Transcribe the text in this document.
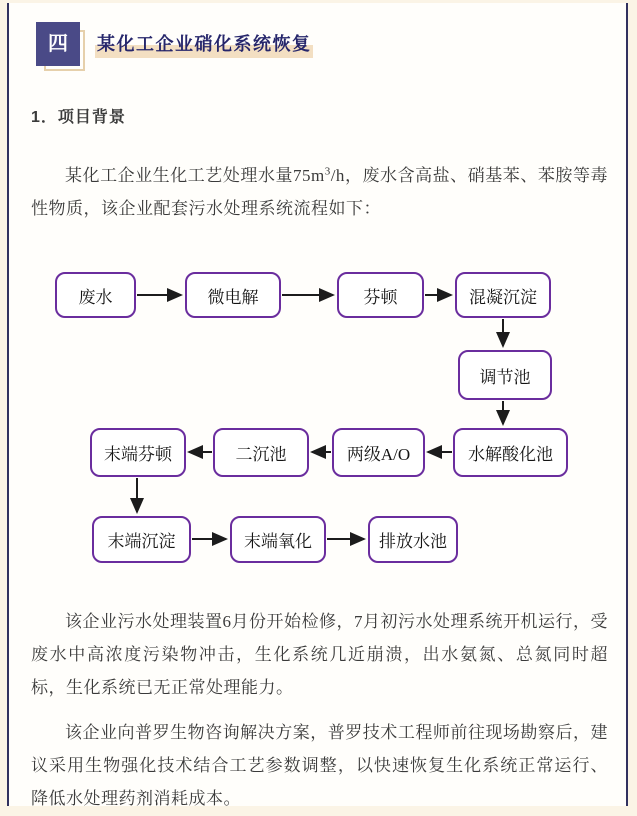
四	某化工企业硝化系统恢复
1．项目背景
某化工企业生化工艺处理水量$75m^3/h$，废水含高盐、硝基苯、苯胺等毒性物质，该企业配套污水处理系统流程如下：
废水	微电解	芬顿	混凝沉淀
调节池
水解酸化池
两级A/O
二沉池
末端芬顿
末端沉淀	末端氧化	排放水池
该企业污水处理装置6月份开始检修，7月初污水处理系统开机运行，受废水中高浓度污染物冲击，生化系统几近崩溃，出水氨氮、总氮同时超标，生化系统已无正常处理能力。
该企业向普罗生物咨询解决方案，普罗技术工程师前往现场勘察后，建议采用生物强化技术结合工艺参数调整，以快速恢复生化系统正常运行、降低水处理药剂消耗成本。
